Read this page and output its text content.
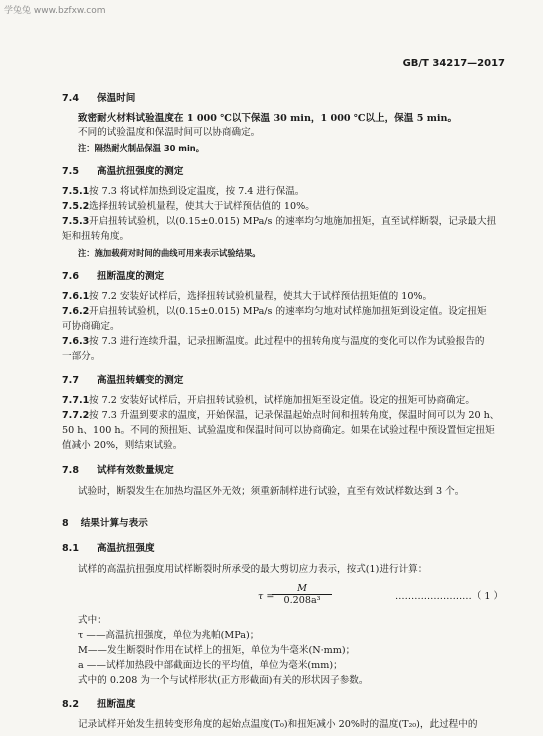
学兔兔 www.bzfxw.com
GB/T 34217—2017
7.4 保温时间
致密耐火材料试验温度在 1 000 ℃以下保温 30 min，1 000 ℃以上，保温 5 min。
不同的试验温度和保温时间可以协商确定。
注：隔热耐火制品保温 30 min。
7.5 高温抗扭强度的测定
7.5.1按 7.3 将试样加热到设定温度，按 7.4 进行保温。
7.5.2选择扭转试验机量程，使其大于试样预估值的 10%。
7.5.3开启扭转试验机，以(0.15±0.015) MPa/s 的速率均匀地施加扭矩，直至试样断裂，记录最大扭
矩和扭转角度。
注：施加载荷对时间的曲线可用来表示试验结果。
7.6 扭断温度的测定
7.6.1按 7.2 安装好试样后，选择扭转试验机量程，使其大于试样预估扭矩值的 10%。
7.6.2开启扭转试验机，以(0.15±0.015) MPa/s 的速率均匀地对试样施加扭矩到设定值。设定扭矩
可协商确定。
7.6.3按 7.3 进行连续升温，记录扭断温度。此过程中的扭转角度与温度的变化可以作为试验报告的
一部分。
7.7 高温扭转蠕变的测定
7.7.1按 7.2 安装好试样后，开启扭转试验机，试样施加扭矩至设定值。设定的扭矩可协商确定。
7.7.2按 7.3 升温到要求的温度，开始保温，记录保温起始点时间和扭转角度，保温时间可以为 20 h、
50 h、100 h。不同的预扭矩、试验温度和保温时间可以协商确定。如果在试验过程中预设置恒定扭矩
值减小 20%，则结束试验。
7.8 试样有效数量规定
试验时，断裂发生在加热均温区外无效；须重新制样进行试验，直至有效试样数达到 3 个。
8 结果计算与表示
8.1 高温抗扭强度
试样的高温抗扭强度用试样断裂时所承受的最大剪切应力表示，按式(1)进行计算：
τ =
$\frac{M}{\text{0.208a³}}$	……………………（ 1 ）
式中：
τ ——高温抗扭强度，单位为兆帕(MPa)；
M——发生断裂时作用在试样上的扭矩，单位为牛毫米(N·mm)；
a ——试样加热段中部截面边长的平均值，单位为毫米(mm)；
式中的 0.208 为一个与试样形状(正方形截面)有关的形状因子参数。
8.2 扭断温度
记录试样开始发生扭转变形角度的起始点温度(T₀)和扭矩减小 20%时的温度(T₂₀)，此过程中的
